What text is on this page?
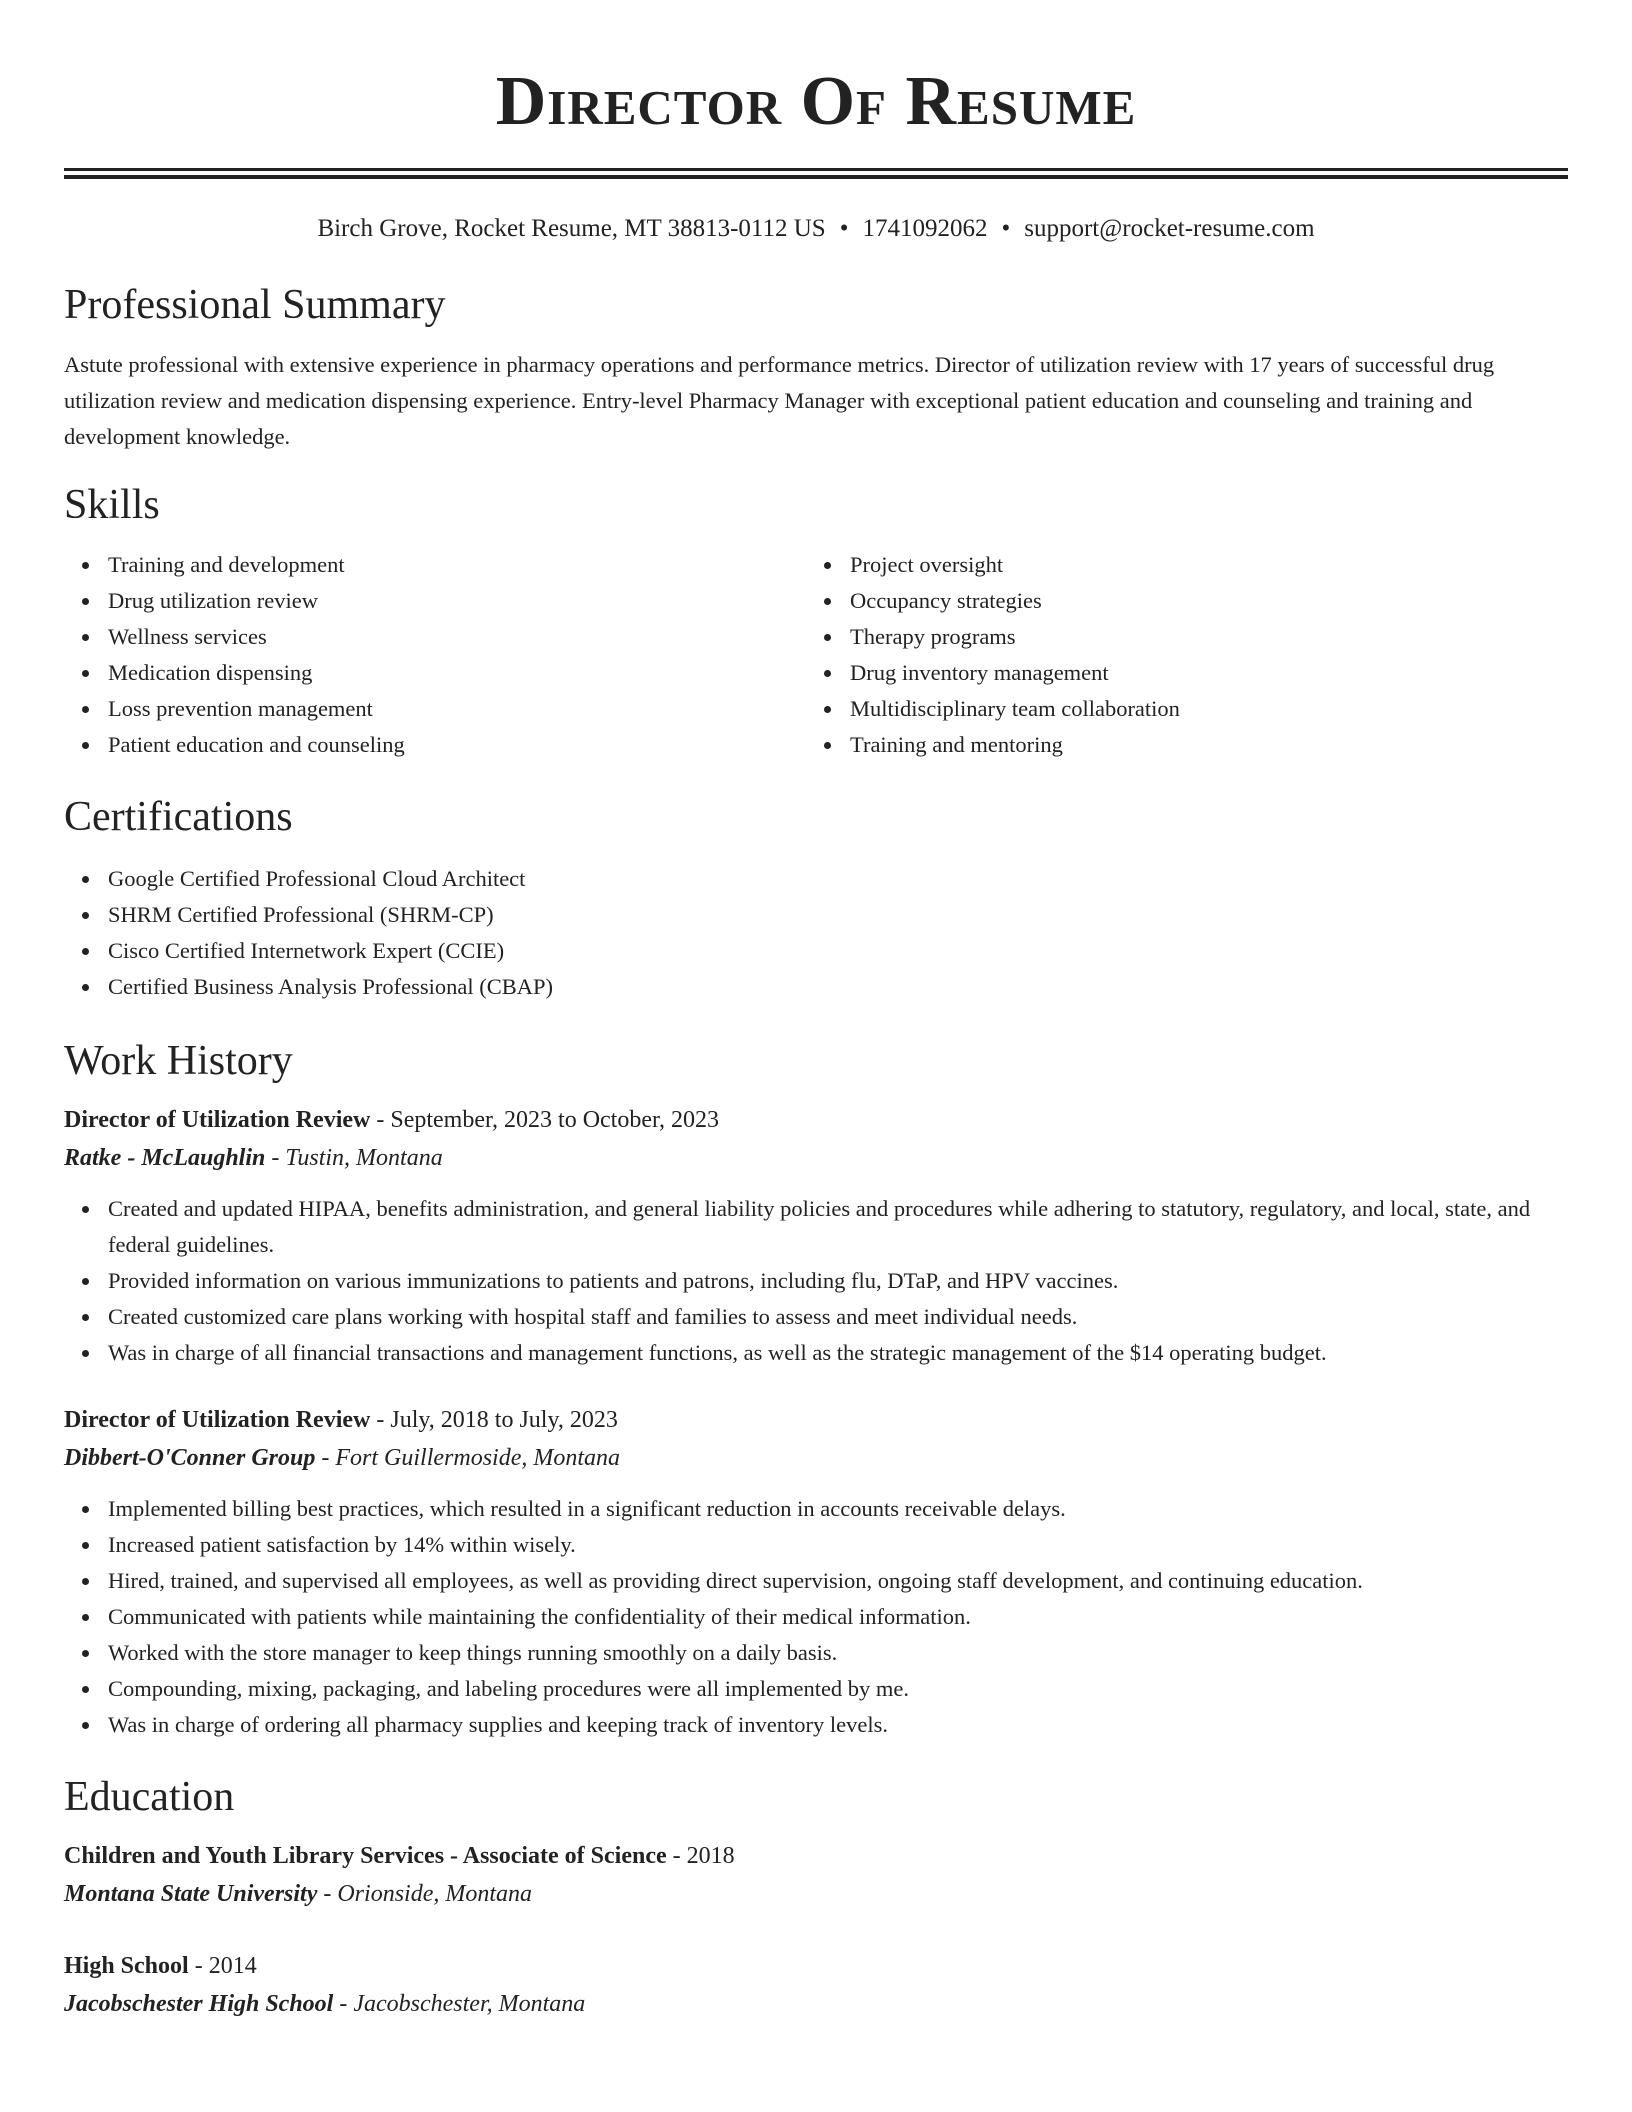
Director Of Resume
Birch Grove, Rocket Resume, MT 38813-0112 US • 1741092062 • support@rocket-resume.com
Professional Summary

Astute professional with extensive experience in pharmacy operations and performance metrics. Director of utilization review with 17 years of successful drug utilization review and medication dispensing experience. Entry-level Pharmacy Manager with exceptional patient education and counseling and training and development knowledge.

Skills
Training and development
Drug utilization review
Wellness services
Medication dispensing
Loss prevention management
Patient education and counseling
Project oversight
Occupancy strategies
Therapy programs
Drug inventory management
Multidisciplinary team collaboration
Training and mentoring
Certifications
Google Certified Professional Cloud Architect
SHRM Certified Professional (SHRM-CP)
Cisco Certified Internetwork Expert (CCIE)
Certified Business Analysis Professional (CBAP)
Work History
Director of Utilization Review - September, 2023 to October, 2023
Ratke - McLaughlin - Tustin, Montana
Created and updated HIPAA, benefits administration, and general liability policies and procedures while adhering to statutory, regulatory, and local, state, and federal guidelines.
Provided information on various immunizations to patients and patrons, including flu, DTaP, and HPV vaccines.
Created customized care plans working with hospital staff and families to assess and meet individual needs.
Was in charge of all financial transactions and management functions, as well as the strategic management of the $14 operating budget.
Director of Utilization Review - July, 2018 to July, 2023
Dibbert-O'Conner Group - Fort Guillermoside, Montana
Implemented billing best practices, which resulted in a significant reduction in accounts receivable delays.
Increased patient satisfaction by 14% within wisely.
Hired, trained, and supervised all employees, as well as providing direct supervision, ongoing staff development, and continuing education.
Communicated with patients while maintaining the confidentiality of their medical information.
Worked with the store manager to keep things running smoothly on a daily basis.
Compounding, mixing, packaging, and labeling procedures were all implemented by me.
Was in charge of ordering all pharmacy supplies and keeping track of inventory levels.
Education
Children and Youth Library Services - Associate of Science - 2018
Montana State University - Orionside, Montana
High School - 2014
Jacobschester High School - Jacobschester, Montana
